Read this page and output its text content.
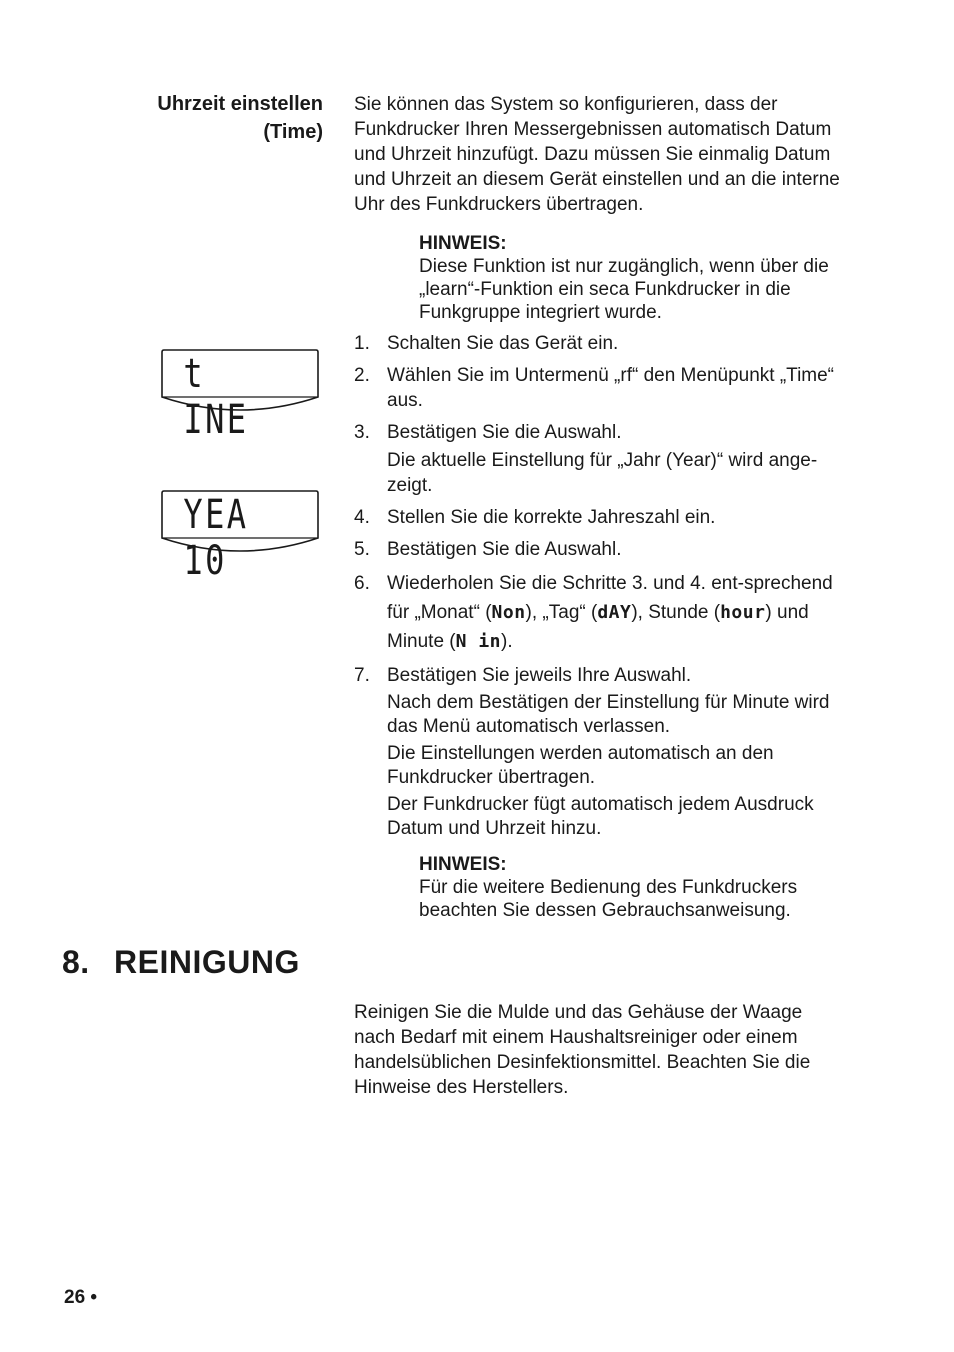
Uhrzeit einstellen
(Time)
Sie können das System so konfigurieren, dass der Funkdrucker Ihren Messergebnissen automatisch Datum und Uhrzeit hinzufügt. Dazu müssen Sie einmalig Datum und Uhrzeit an diesem Gerät einstellen und an die interne Uhr des Funkdruckers übertragen.
HINWEIS:
Diese Funktion ist nur zugänglich, wenn über die „learn“-Funktion ein seca Funkdrucker in die Funkgruppe integriert wurde.
t INE
YEA 10
1. Schalten Sie das Gerät ein.
2. Wählen Sie im Untermenü „rf“ den Menüpunkt „Time“ aus.
3. Bestätigen Sie die Auswahl.
Die aktuelle Einstellung für „Jahr (Year)“ wird ange-zeigt.
4. Stellen Sie die korrekte Jahreszahl ein.
5. Bestätigen Sie die Auswahl.
6. Wiederholen Sie die Schritte 3. und 4. ent-sprechend für „Monat“ (Non), „Tag“ (dAY), Stunde (hour) und Minute (N in).
7. Bestätigen Sie jeweils Ihre Auswahl.
Nach dem Bestätigen der Einstellung für Minute wird das Menü automatisch verlassen.
Die Einstellungen werden automatisch an den Funkdrucker übertragen.
Der Funkdrucker fügt automatisch jedem Ausdruck Datum und Uhrzeit hinzu.
HINWEIS:
Für die weitere Bedienung des Funkdruckers beachten Sie dessen Gebrauchsanweisung.
8. REINIGUNG
Reinigen Sie die Mulde und das Gehäuse der Waage nach Bedarf mit einem Haushaltsreiniger oder einem handelsüblichen Desinfektionsmittel. Beachten Sie die Hinweise des Herstellers.
26 •
